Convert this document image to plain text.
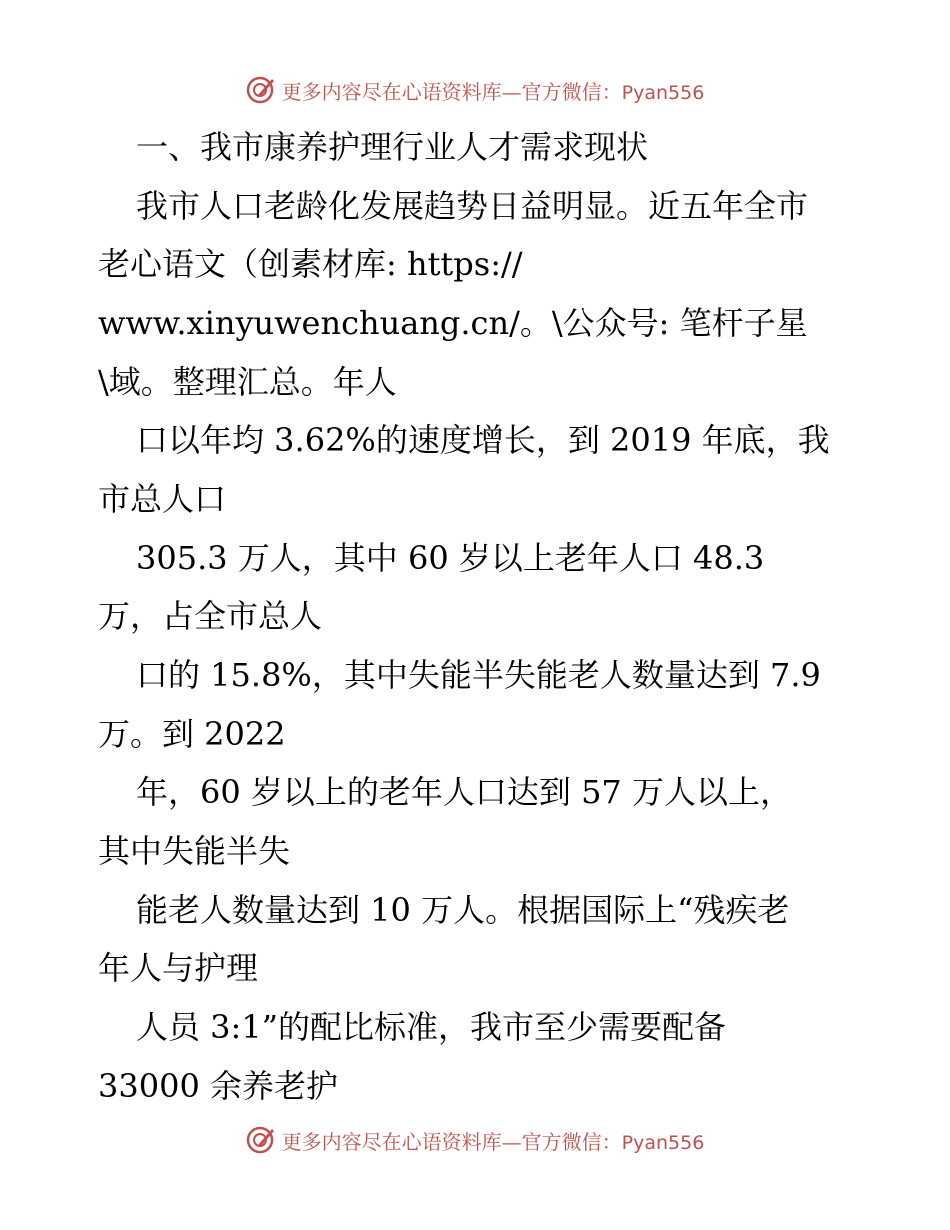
更多内容尽在心语资料库—官方微信：Pyan556
一、我市康养护理行业人才需求现状
我市人口老龄化发展趋势日益明显。近五年全市
老心语文（创素材库: https://
www.xinyuwenchuang.cn/。\公众号: 笔杆子星
\域。整理汇总。年人
口以年均 3.62%的速度增长，到 2019 年底，我
市总人口
305.3 万人，其中 60 岁以上老年人口 48.3
万，占全市总人
口的 15.8%，其中失能半失能老人数量达到 7.9
万。到 2022
年，60 岁以上的老年人口达到 57 万人以上，
其中失能半失
能老人数量达到 10 万人。根据国际上“残疾老
年人与护理
人员 3:1”的配比标准，我市至少需要配备
33000 余养老护
更多内容尽在心语资料库—官方微信：Pyan556
